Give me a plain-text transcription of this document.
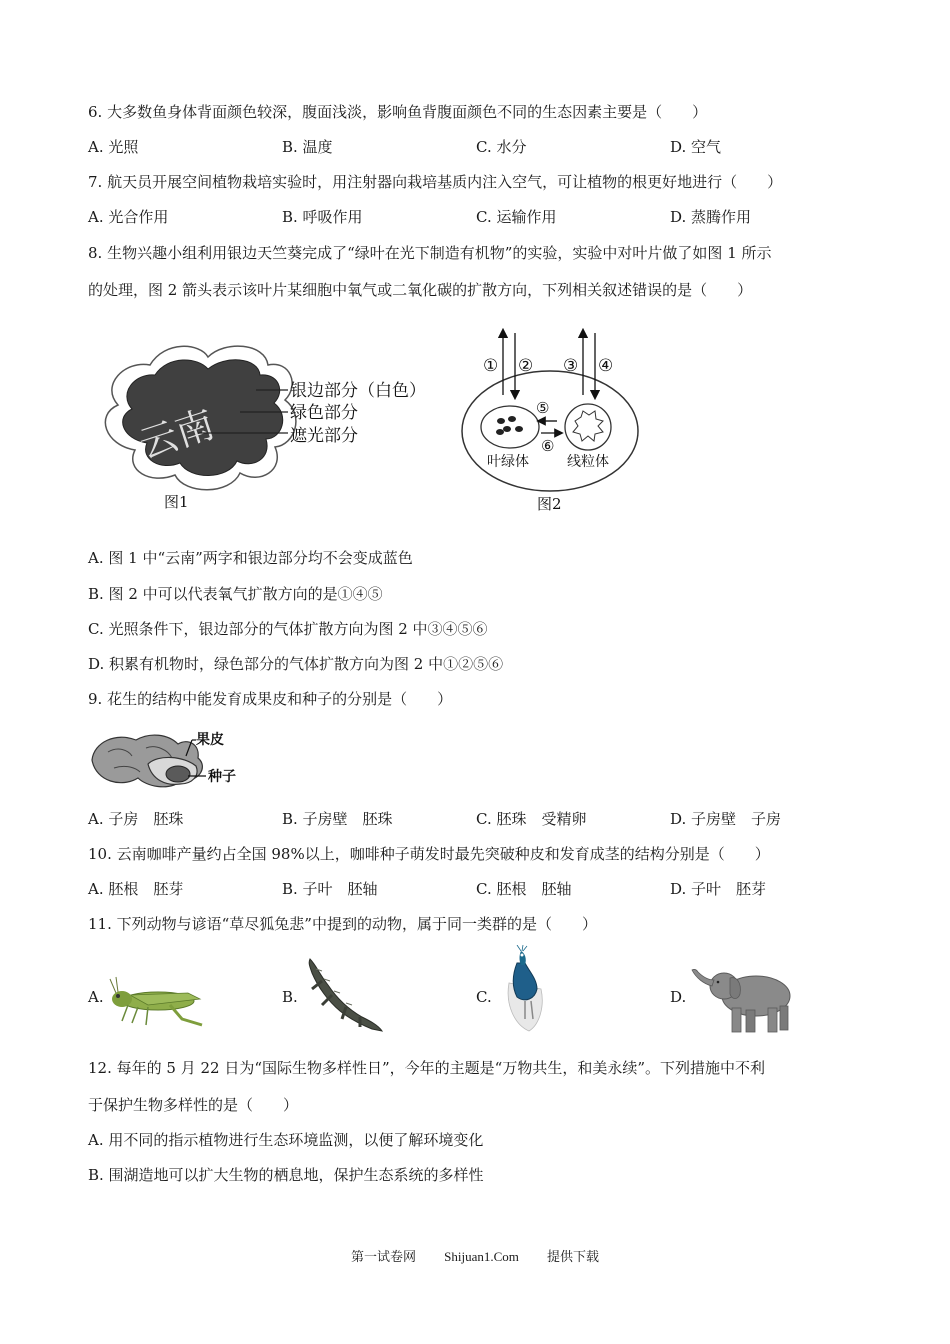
6. 大多数鱼身体背面颜色较深，腹面浅淡，影响鱼背腹面颜色不同的生态因素主要是（　　）
A. 光照	B. 温度	C. 水分	D. 空气
7. 航天员开展空间植物栽培实验时，用注射器向栽培基质内注入空气，可让植物的根更好地进行（　　）
A. 光合作用	B. 呼吸作用	C. 运输作用	D. 蒸腾作用
8. 生物兴趣小组利用银边天竺葵完成了“绿叶在光下制造有机物”的实验，实验中对叶片做了如图 1 所示
的处理，图 2 箭头表示该叶片某细胞中氧气或二氧化碳的扩散方向，下列相关叙述错误的是（　　）
云南
银边部分（白色）
绿色部分
遮光部分
图1
① ② ③ ④
⑤
⑥
叶绿体	线粒体
图2
A. 图 1 中“云南”两字和银边部分均不会变成蓝色
B. 图 2 中可以代表氧气扩散方向的是①④⑤
C. 光照条件下，银边部分的气体扩散方向为图 2 中③④⑤⑥
D. 积累有机物时，绿色部分的气体扩散方向为图 2 中①②⑤⑥
9. 花生的结构中能发育成果皮和种子的分别是（　　）
果皮
种子
A. 子房　胚珠	B. 子房壁　胚珠	C. 胚珠　受精卵	D. 子房壁　子房
10. 云南咖啡产量约占全国 98%以上，咖啡种子萌发时最先突破种皮和发育成茎的结构分别是（　　）
A. 胚根　胚芽	B. 子叶　胚轴	C. 胚根　胚轴	D. 子叶　胚芽
11. 下列动物与谚语“草尽狐兔悲”中提到的动物，属于同一类群的是（　　）
A.	B.	C.	D.
12. 每年的 5 月 22 日为“国际生物多样性日”，今年的主题是“万物共生，和美永续”。下列措施中不利
于保护生物多样性的是（　　）
A. 用不同的指示植物进行生态环境监测，以便了解环境变化
B. 围湖造地可以扩大生物的栖息地，保护生态系统的多样性
第一试卷网 Shijuan1.Com 提供下载
